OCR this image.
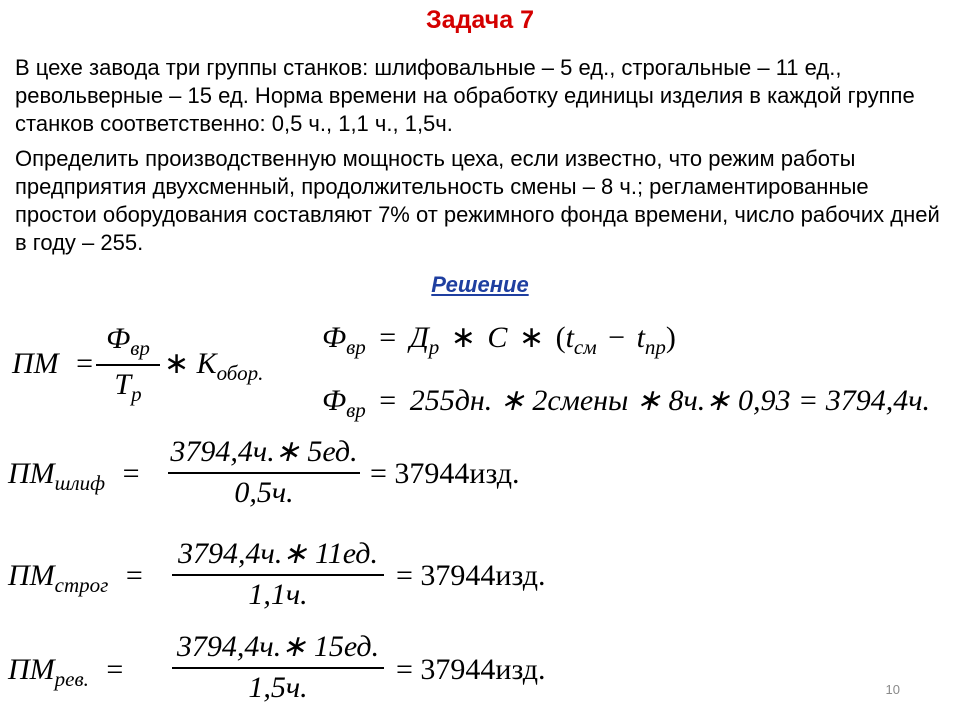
Задача 7

В цехе завода три группы станков: шлифовальные – 5 ед., строгальные – 11 ед., револьверные – 15 ед. Норма времени на обработку единицы изделия в каждой группе станков соответственно: 0,5 ч., 1,1 ч., 1,5ч.

Определить производственную мощность цеха, если известно, что режим работы предприятия двухсменный, продолжительность смены – 8 ч.; регламентированные простои оборудования составляют 7% от режимного фонда времени, число рабочих дней в году – 255.

Решение
ПМ =
$Ф_{вр}$
$Т_р$
∗ $К_{обор.}$
$Ф_{вр} = Д_р$ ∗ С ∗ $(t_{см} - t_{пр})$
$Ф_{вр} = 255дн$. ∗ 2смены ∗ 8ч.∗ 0,93 = 3794,4ч.
$ПМ_{шлиф}$ =
3794,4ч.∗ 5ед.
0,5ч.
= 37944изд.
$ПМ_{строг}$ =
3794,4ч.∗ 11ед.
1,1ч.
= 37944изд.
$ПМ_{рев.}$ =
3794,4ч.∗ 15ед.
1,5ч.
= 37944изд.
10
